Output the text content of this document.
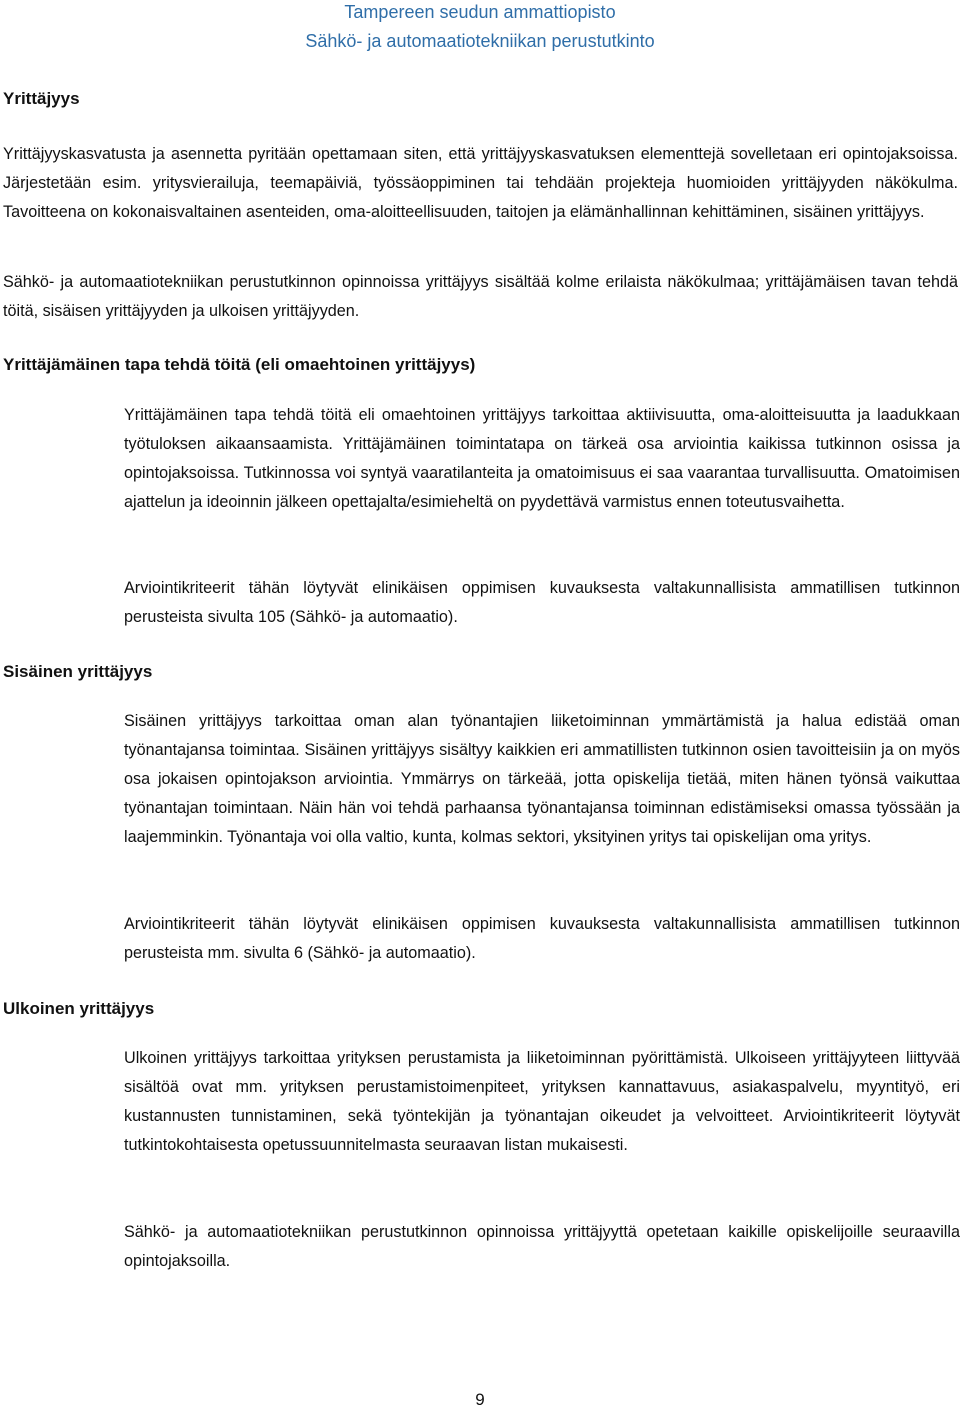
Tampereen seudun ammattiopisto
Sähkö- ja automaatiotekniikan perustutkinto
Yrittäjyys

Yrittäjyyskasvatusta ja asennetta pyritään opettamaan siten, että yrittäjyyskasvatuksen elementtejä sovelletaan eri opintojaksoissa. Järjestetään esim. yritysvierailuja, teemapäiviä, työssäoppiminen tai tehdään projekteja huomioiden yrittäjyyden näkökulma. Tavoitteena on kokonaisvaltainen asenteiden, oma-aloitteellisuuden, taitojen ja elämänhallinnan kehittäminen, sisäinen yrittäjyys.

Sähkö- ja automaatiotekniikan perustutkinnon opinnoissa yrittäjyys sisältää kolme erilaista näkökulmaa; yrittäjämäisen tavan tehdä töitä, sisäisen yrittäjyyden ja ulkoisen yrittäjyyden.

Yrittäjämäinen tapa tehdä töitä (eli omaehtoinen yrittäjyys)

Yrittäjämäinen tapa tehdä töitä eli omaehtoinen yrittäjyys tarkoittaa aktiivisuutta, oma-aloitteisuutta ja laadukkaan työtuloksen aikaansaamista. Yrittäjämäinen toimintatapa on tärkeä osa arviointia kaikissa tutkinnon osissa ja opintojaksoissa. Tutkinnossa voi syntyä vaaratilanteita ja omatoimisuus ei saa vaarantaa turvallisuutta. Omatoimisen ajattelun ja ideoinnin jälkeen opettajalta/esimieheltä on pyydettävä varmistus ennen toteutusvaihetta.

Arviointikriteerit tähän löytyvät elinikäisen oppimisen kuvauksesta valtakunnallisista ammatillisen tutkinnon perusteista sivulta 105 (Sähkö- ja automaatio).

Sisäinen yrittäjyys

Sisäinen yrittäjyys tarkoittaa oman alan työnantajien liiketoiminnan ymmärtämistä ja halua edistää oman työnantajansa toimintaa. Sisäinen yrittäjyys sisältyy kaikkien eri ammatillisten tutkinnon osien tavoitteisiin ja on myös osa jokaisen opintojakson arviointia. Ymmärrys on tärkeää, jotta opiskelija tietää, miten hänen työnsä vaikuttaa työnantajan toimintaan. Näin hän voi tehdä parhaansa työnantajansa toiminnan edistämiseksi omassa työssään ja laajemminkin. Työnantaja voi olla valtio, kunta, kolmas sektori, yksityinen yritys tai opiskelijan oma yritys.

Arviointikriteerit tähän löytyvät elinikäisen oppimisen kuvauksesta valtakunnallisista ammatillisen tutkinnon perusteista mm. sivulta 6 (Sähkö- ja automaatio).

Ulkoinen yrittäjyys

Ulkoinen yrittäjyys tarkoittaa yrityksen perustamista ja liiketoiminnan pyörittämistä. Ulkoiseen yrittäjyyteen liittyvää sisältöä ovat mm. yrityksen perustamistoimenpiteet, yrityksen kannattavuus, asiakaspalvelu, myyntityö, eri kustannusten tunnistaminen, sekä työntekijän ja työnantajan oikeudet ja velvoitteet. Arviointikriteerit löytyvät tutkintokohtaisesta opetussuunnitelmasta seuraavan listan mukaisesti.

Sähkö- ja automaatiotekniikan perustutkinnon opinnoissa yrittäjyyttä opetetaan kaikille opiskelijoille seuraavilla opintojaksoilla.

9
